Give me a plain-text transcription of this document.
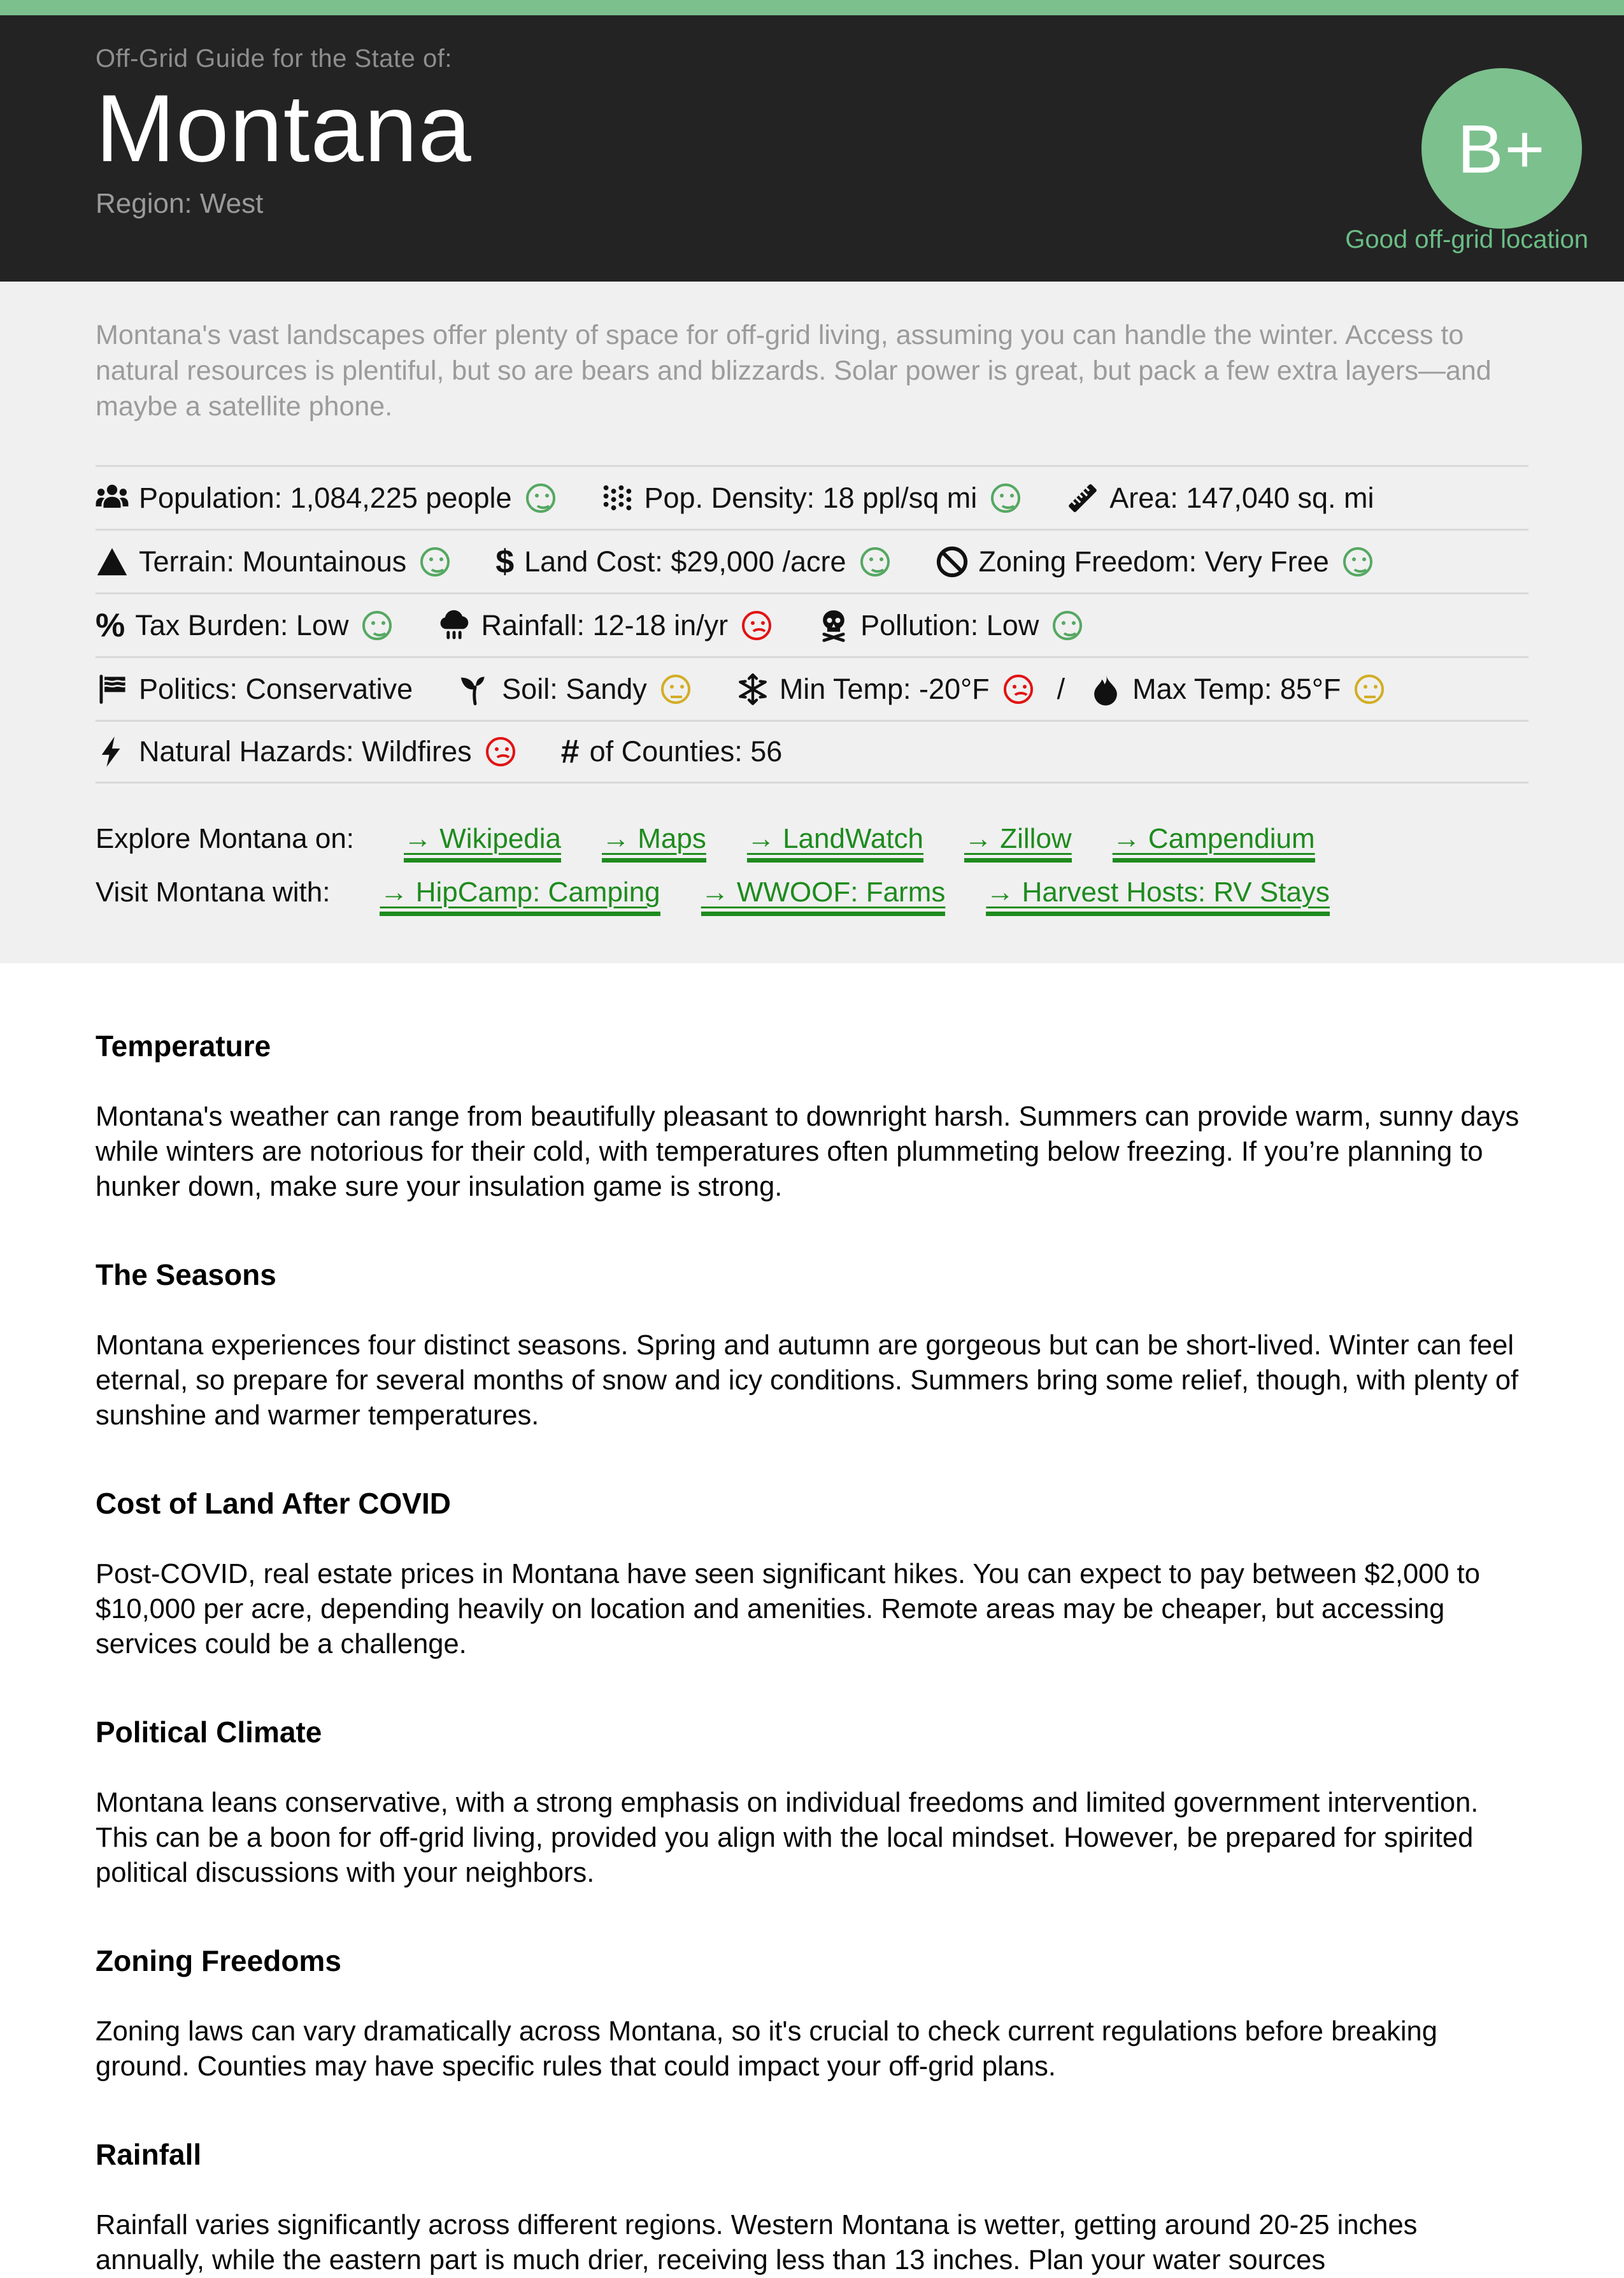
Off-Grid Guide for the State of:
Montana
Region: West
B+
Good off-grid location

Montana's vast landscapes offer plenty of space for off-grid living, assuming you can handle the winter. Access to natural resources is plentiful, but so are bears and blizzards. Solar power is great, but pack a few extra layers—and maybe a satellite phone.

Population: 1,084,225 people	Pop. Density: 18 ppl/sq mi	Area: 147,040 sq. mi
Terrain: Mountainous	$ Land Cost: $29,000 /acre	Zoning Freedom: Very Free
% Tax Burden: Low	Rainfall: 12-18 in/yr	Pollution: Low
Politics: Conservative	Soil: Sandy	Min Temp: -20°F / Max Temp: 85°F
Natural Hazards: Wildfires	# of Counties: 56
Explore Montana on: → Wikipedia → Maps → LandWatch → Zillow → Campendium
Visit Montana with: → HipCamp: Camping → WWOOF: Farms → Harvest Hosts: RV Stays
Temperature

Montana's weather can range from beautifully pleasant to downright harsh. Summers can provide warm, sunny days while winters are notorious for their cold, with temperatures often plummeting below freezing. If you’re planning to hunker down, make sure your insulation game is strong.

The Seasons

Montana experiences four distinct seasons. Spring and autumn are gorgeous but can be short-lived. Winter can feel eternal, so prepare for several months of snow and icy conditions. Summers bring some relief, though, with plenty of sunshine and warmer temperatures.

Cost of Land After COVID

Post-COVID, real estate prices in Montana have seen significant hikes. You can expect to pay between $2,000 to $10,000 per acre, depending heavily on location and amenities. Remote areas may be cheaper, but accessing services could be a challenge.

Political Climate

Montana leans conservative, with a strong emphasis on individual freedoms and limited government intervention. This can be a boon for off-grid living, provided you align with the local mindset. However, be prepared for spirited political discussions with your neighbors.

Zoning Freedoms

Zoning laws can vary dramatically across Montana, so it's crucial to check current regulations before breaking ground. Counties may have specific rules that could impact your off-grid plans.

Rainfall

Rainfall varies significantly across different regions. Western Montana is wetter, getting around 20-25 inches annually, while the eastern part is much drier, receiving less than 13 inches. Plan your water sources
